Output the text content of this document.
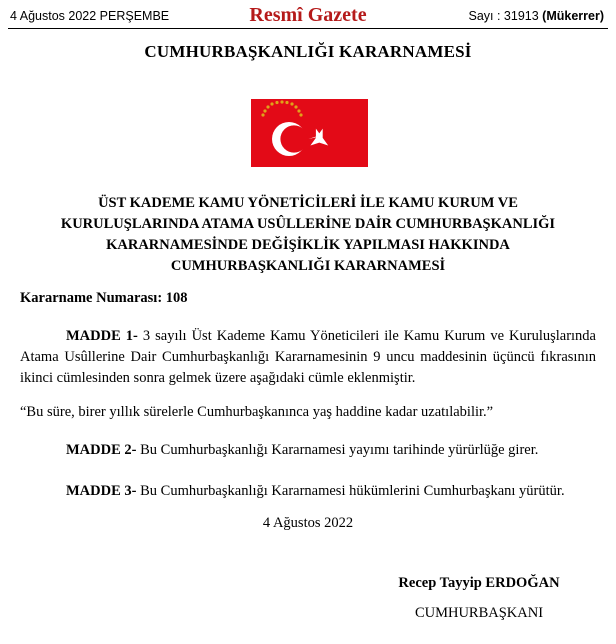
4 Ağustos 2022 PERŞEMBE	Resmî Gazete	Sayı : 31913 (Mükerrer)
CUMHURBAŞKANLIĞI KARARNAMESİ
ÜST KADEME KAMU YÖNETİCİLERİ İLE KAMU KURUM VE
KURULUŞLARINDA ATAMA USÛLLERİNE DAİR CUMHURBAŞKANLIĞI
KARARNAMESİNDE DEĞİŞİKLİK YAPILMASI HAKKINDA
CUMHURBAŞKANLIĞI KARARNAMESİ
Kararname Numarası: 108
MADDE 1- 3 sayılı Üst Kademe Kamu Yöneticileri ile Kamu Kurum ve Kuruluşlarında Atama Usûllerine Dair Cumhurbaşkanlığı Kararnamesinin 9 uncu maddesinin üçüncü fıkrasının ikinci cümlesinden sonra gelmek üzere aşağıdaki cümle eklenmiştir.
“Bu süre, birer yıllık sürelerle Cumhurbaşkanınca yaş haddine kadar uzatılabilir.”
MADDE 2- Bu Cumhurbaşkanlığı Kararnamesi yayımı tarihinde yürürlüğe girer.
MADDE 3- Bu Cumhurbaşkanlığı Kararnamesi hükümlerini Cumhurbaşkanı yürütür.
4 Ağustos 2022
Recep Tayyip ERDOĞAN
CUMHURBAŞKANI
